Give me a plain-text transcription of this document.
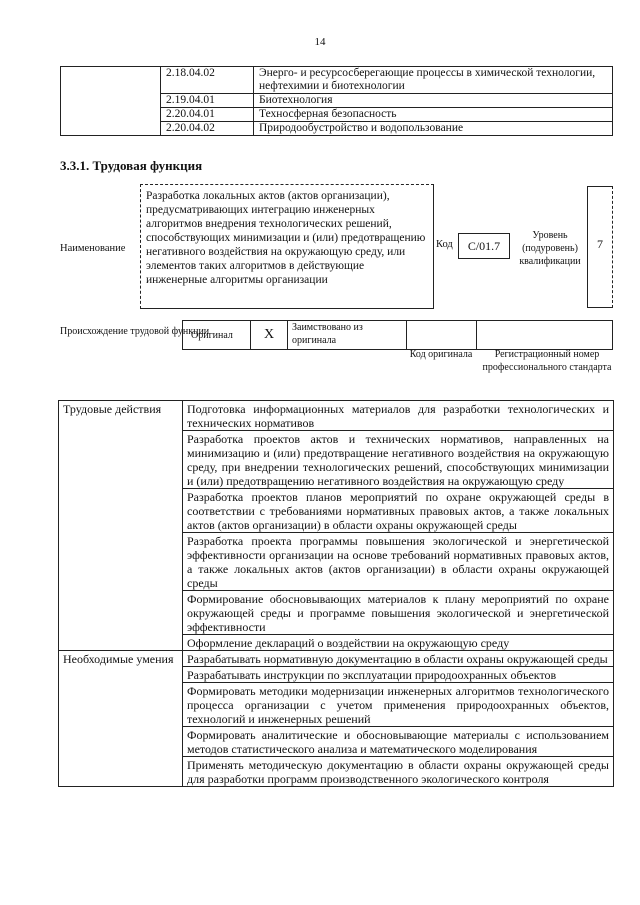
14
	2.18.04.02	Энерго- и ресурсосберегающие процессы в химической технологии, нефтехимии и биотехнологии
	2.19.04.01	Биотехнология
	2.20.04.01	Техносферная безопасность
	2.20.04.02	Природообустройство и водопользование
3.3.1. Трудовая функция
Наименование
Разработка локальных актов (актов организации), предусматривающих интеграцию инженерных алгоритмов внедрения технологических решений, способствующих минимизации и (или) предотвращению негативного воздействия на окружающую среду, или элементов таких алгоритмов в действующие инженерные алгоритмы организации
Код	С/01.7
Уровень (подуровень) квалификации
7
Происхождение трудовой функции
Оригинал	X	Заимствовано из оригинала
Код оригинала	Регистрационный номер профессионального стандарта
Трудовые действия	Подготовка информационных материалов для разработки технологических и технических нормативов
	Разработка проектов актов и технических нормативов, направленных на минимизацию и (или) предотвращение негативного воздействия на окружающую среду, при внедрении технологических решений, способствующих минимизации и (или) предотвращению негативного воздействия на окружающую среду
	Разработка проектов планов мероприятий по охране окружающей среды в соответствии с требованиями нормативных правовых актов, а также локальных актов (актов организации) в области охраны окружающей среды
	Разработка проекта программы повышения экологической и энергетической эффективности организации на основе требований нормативных правовых актов, а также локальных актов (актов организации) в области охраны окружающей среды
	Формирование обосновывающих материалов к плану мероприятий по охране окружающей среды и программе повышения экологической и энергетической эффективности
	Оформление деклараций о воздействии на окружающую среду
Необходимые умения	Разрабатывать нормативную документацию в области охраны окружающей среды
	Разрабатывать инструкции по эксплуатации природоохранных объектов
	Формировать методики модернизации инженерных алгоритмов технологического процесса организации с учетом применения природоохранных объектов, технологий и инженерных решений
	Формировать аналитические и обосновывающие материалы с использованием методов статистического анализа и математического моделирования
	Применять методическую документацию в области охраны окружающей среды для разработки программ производственного экологического контроля
